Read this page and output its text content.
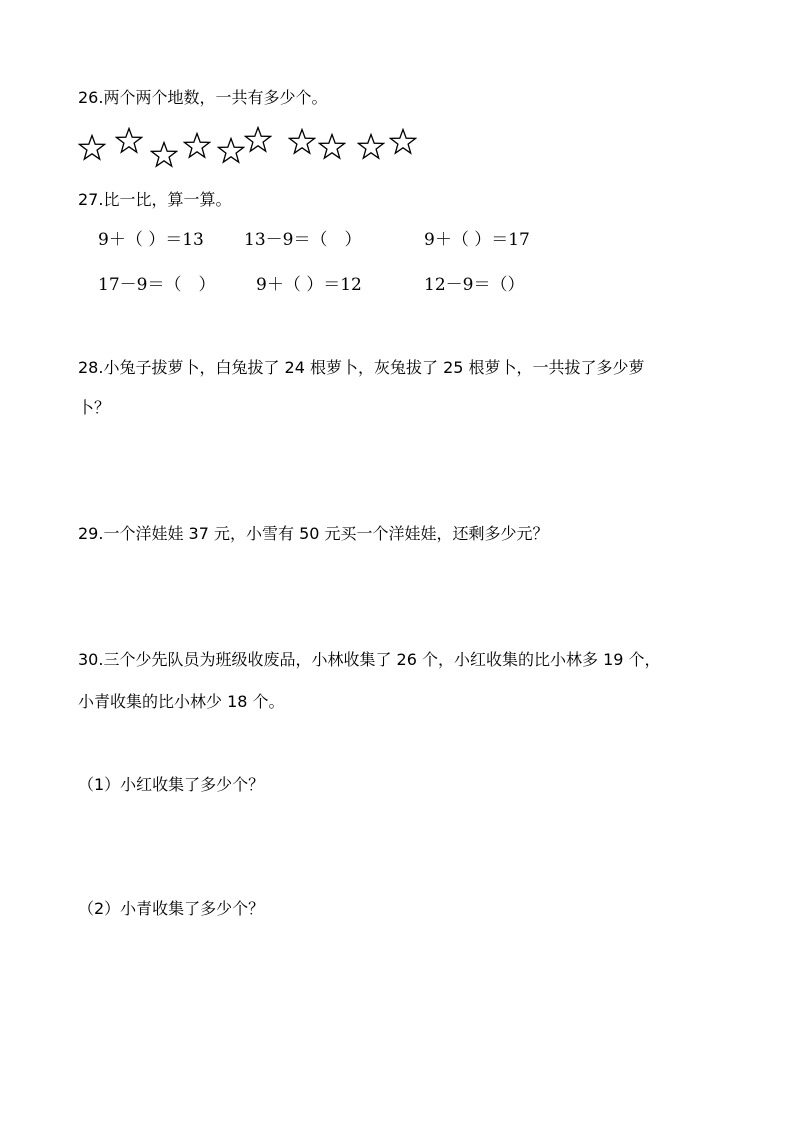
26.两个两个地数，一共有多少个。
27.比一比，算一算。
9＋（ ）＝13 13－9＝（　）	9＋（ ）＝17
17－9＝（　） 9＋（ ）＝12	12－9＝（）
28.小兔子拔萝卜，白兔拔了 24 根萝卜，灰兔拔了 25 根萝卜，一共拔了多少萝
卜？
29.一个洋娃娃 37 元，小雪有 50 元买一个洋娃娃，还剩多少元？
30.三个少先队员为班级收废品，小林收集了 26 个，小红收集的比小林多 19 个，
小青收集的比小林少 18 个。
（1）小红收集了多少个？
（2）小青收集了多少个？
